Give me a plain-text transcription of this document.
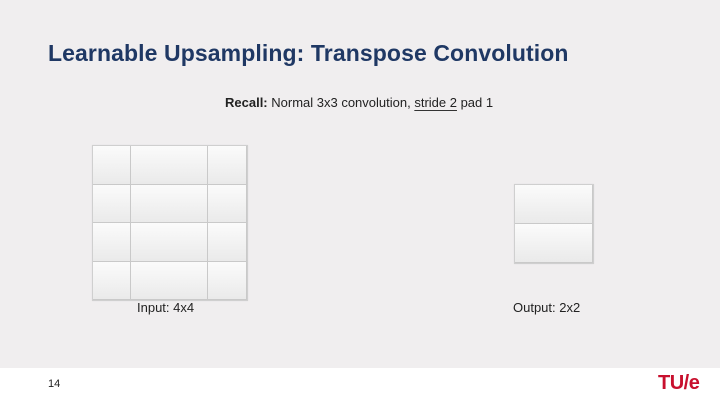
Learnable Upsampling: Transpose Convolution
Recall: Normal 3x3 convolution, stride 2 pad 1
Input: 4x4	Output: 2x2
14	TU/e
